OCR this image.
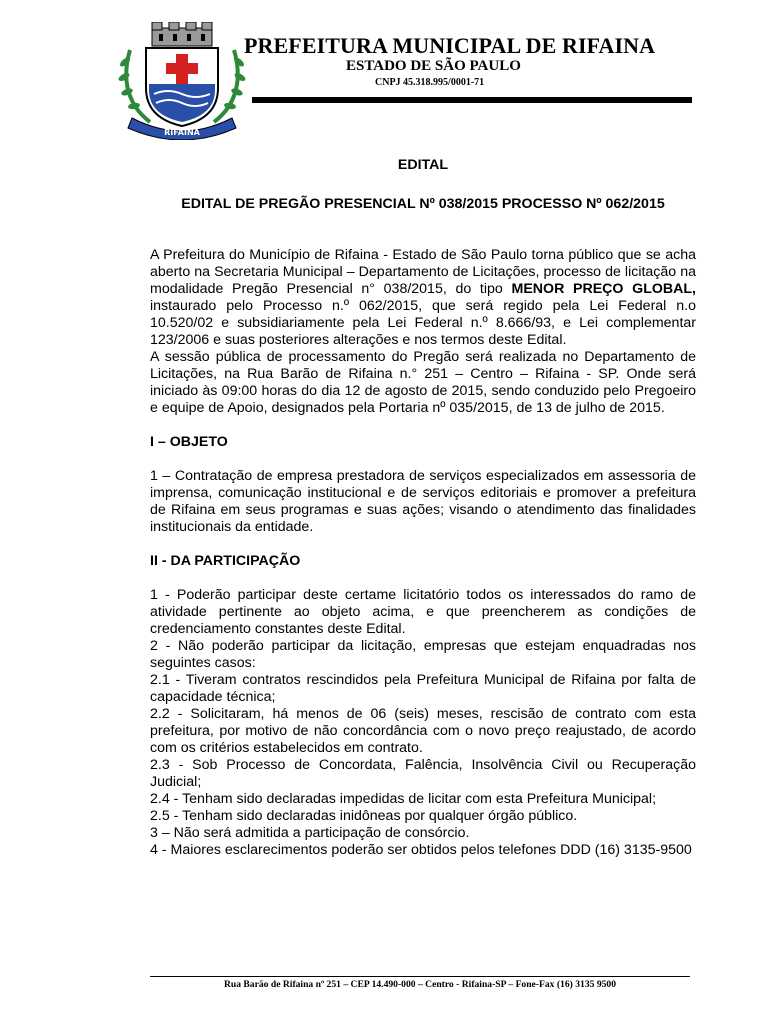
RIFAINA
PREFEITURA MUNICIPAL DE RIFAINA
ESTADO DE SÃO PAULO
CNPJ 45.318.995/0001-71
EDITAL
EDITAL DE PREGÃO PRESENCIAL Nº 038/2015 PROCESSO Nº 062/2015

A Prefeitura do Município de Rifaina - Estado de São Paulo torna público que se acha aberto na Secretaria Municipal – Departamento de Licitações, processo de licitação na modalidade Pregão Presencial n° 038/2015, do tipo MENOR PREÇO GLOBAL, instaurado pelo Processo n.º 062/2015, que será regido pela Lei Federal n.o 10.520/02 e subsidiariamente pela Lei Federal n.º 8.666/93, e Lei complementar 123/2006 e suas posteriores alterações e nos termos deste Edital.

A sessão pública de processamento do Pregão será realizada no Departamento de Licitações, na Rua Barão de Rifaina n.° 251 – Centro – Rifaina - SP. Onde será iniciado às 09:00 horas do dia 12 de agosto de 2015, sendo conduzido pelo Pregoeiro e equipe de Apoio, designados pela Portaria nº 035/2015, de 13 de julho de 2015.

I – OBJETO

1 – Contratação de empresa prestadora de serviços especializados em assessoria de imprensa, comunicação institucional e de serviços editoriais e promover a prefeitura de Rifaina em seus programas e suas ações; visando o atendimento das finalidades institucionais da entidade.

II - DA PARTICIPAÇÃO

1 - Poderão participar deste certame licitatório todos os interessados do ramo de atividade pertinente ao objeto acima, e que preencherem as condições de credenciamento constantes deste Edital.

2 - Não poderão participar da licitação, empresas que estejam enquadradas nos seguintes casos:

2.1 - Tiveram contratos rescindidos pela Prefeitura Municipal de Rifaina por falta de capacidade técnica;

2.2 - Solicitaram, há menos de 06 (seis) meses, rescisão de contrato com esta prefeitura, por motivo de não concordância com o novo preço reajustado, de acordo com os critérios estabelecidos em contrato.

2.3 - Sob Processo de Concordata, Falência, Insolvência Civil ou Recuperação Judicial;

2.4 - Tenham sido declaradas impedidas de licitar com esta Prefeitura Municipal;

2.5 - Tenham sido declaradas inidôneas por qualquer órgão público.

3 – Não será admitida a participação de consórcio.

4 - Maiores esclarecimentos poderão ser obtidos pelos telefones DDD (16) 3135-9500

Rua Barão de Rifaina nº 251 – CEP 14.490-000 – Centro - Rifaina-SP – Fone-Fax (16) 3135 9500
